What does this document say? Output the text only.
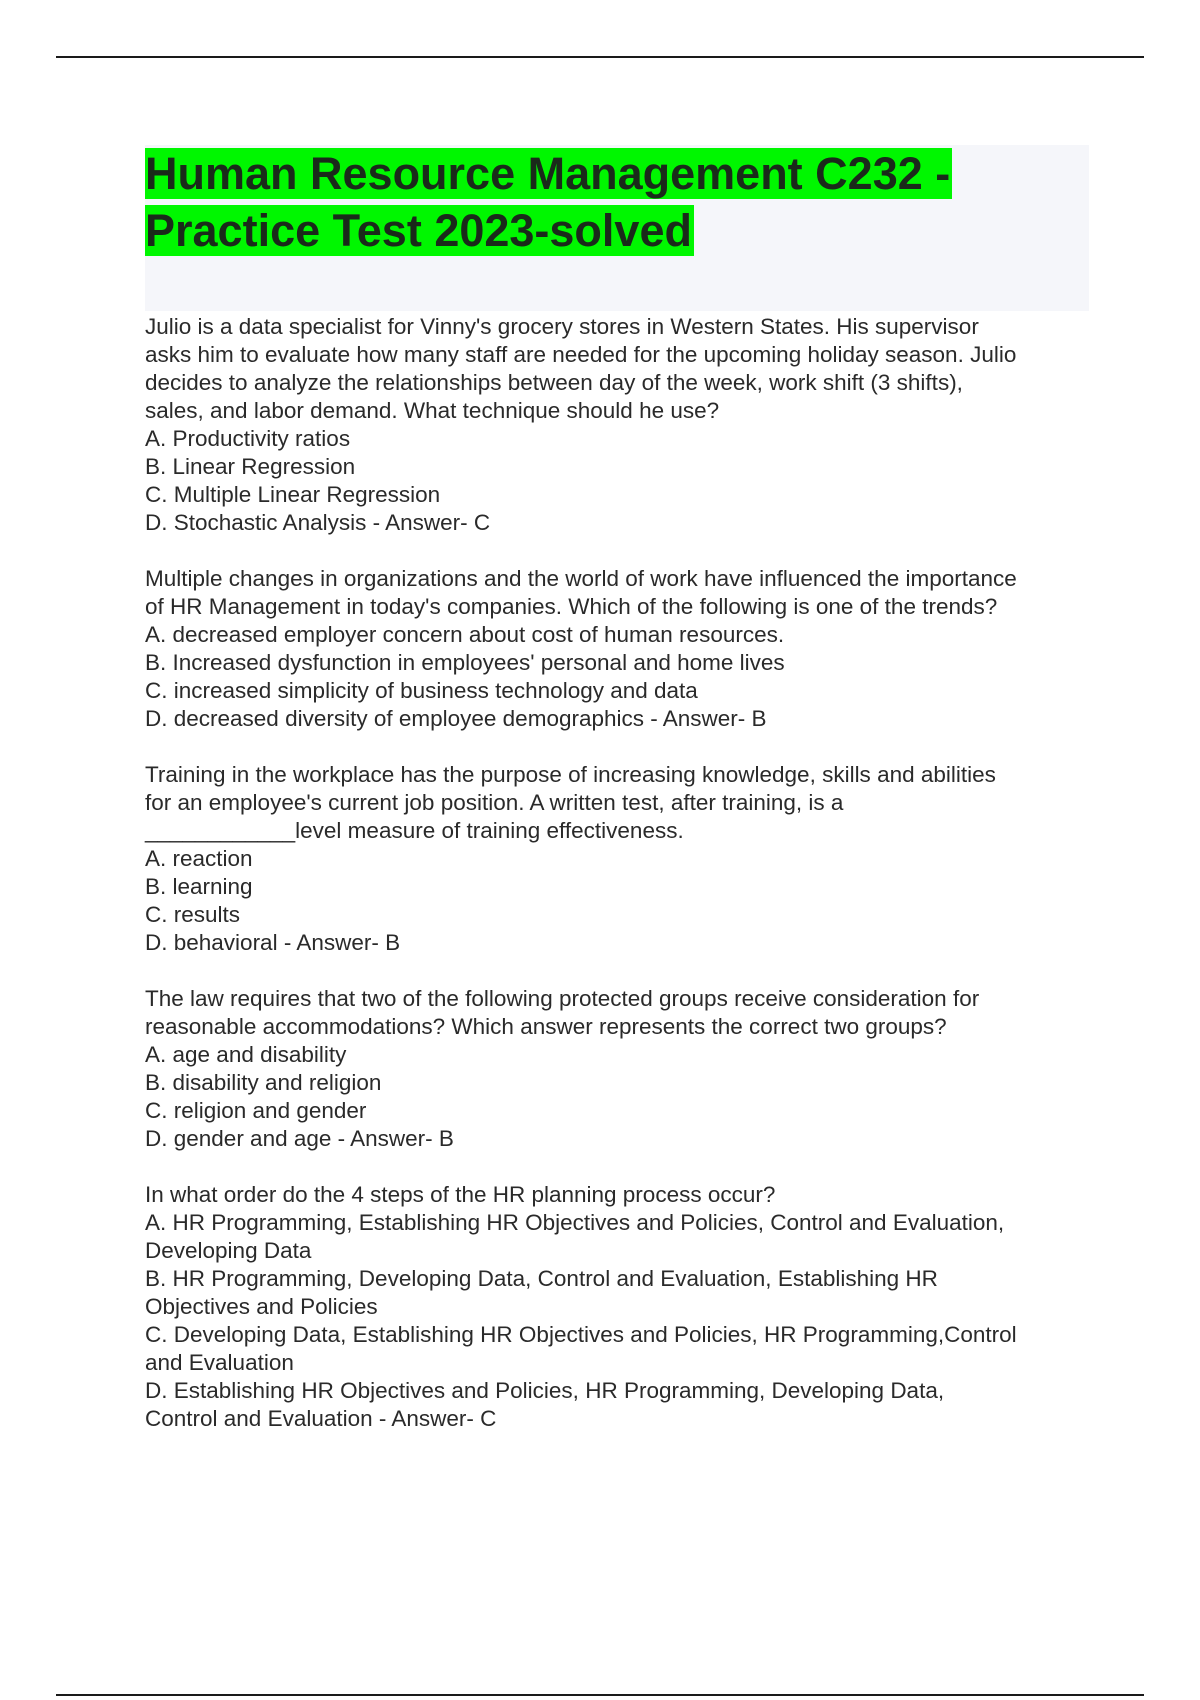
Human Resource Management C232 -
Practice Test 2023-solved
Julio is a data specialist for Vinny's grocery stores in Western States. His supervisor
asks him to evaluate how many staff are needed for the upcoming holiday season. Julio
decides to analyze the relationships between day of the week, work shift (3 shifts),
sales, and labor demand. What technique should he use?
A. Productivity ratios
B. Linear Regression
C. Multiple Linear Regression
D. Stochastic Analysis - Answer- C
Multiple changes in organizations and the world of work have influenced the importance
of HR Management in today's companies. Which of the following is one of the trends?
A. decreased employer concern about cost of human resources.
B. Increased dysfunction in employees' personal and home lives
C. increased simplicity of business technology and data
D. decreased diversity of employee demographics - Answer- B
Training in the workplace has the purpose of increasing knowledge, skills and abilities
for an employee's current job position. A written test, after training, is a
____________level measure of training effectiveness.
A. reaction
B. learning
C. results
D. behavioral - Answer- B
The law requires that two of the following protected groups receive consideration for
reasonable accommodations? Which answer represents the correct two groups?
A. age and disability
B. disability and religion
C. religion and gender
D. gender and age - Answer- B
In what order do the 4 steps of the HR planning process occur?
A. HR Programming, Establishing HR Objectives and Policies, Control and Evaluation,
Developing Data
B. HR Programming, Developing Data, Control and Evaluation, Establishing HR
Objectives and Policies
C. Developing Data, Establishing HR Objectives and Policies, HR Programming,Control
and Evaluation
D. Establishing HR Objectives and Policies, HR Programming, Developing Data,
Control and Evaluation - Answer- C
